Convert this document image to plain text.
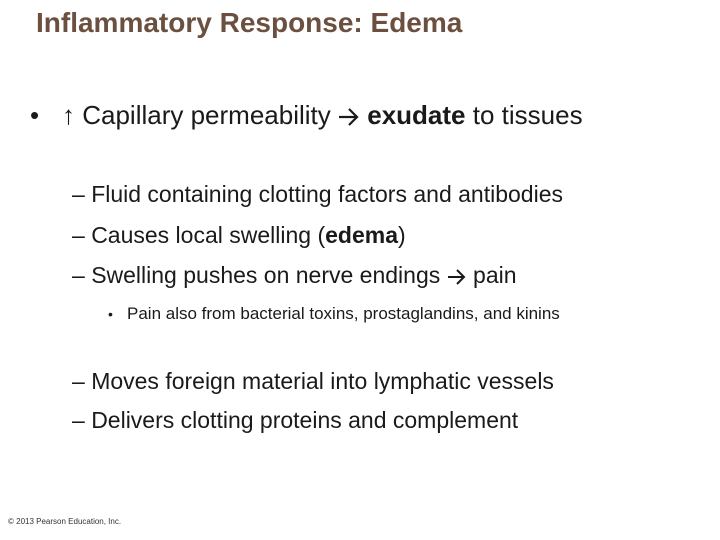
Inflammatory Response: Edema
• ↑ Capillary permeability exudate to tissues
– Fluid containing clotting factors and antibodies
– Causes local swelling (edema)
– Swelling pushes on nerve endings pain
• Pain also from bacterial toxins, prostaglandins, and kinins
– Moves foreign material into lymphatic vessels
– Delivers clotting proteins and complement
© 2013 Pearson Education, Inc.
